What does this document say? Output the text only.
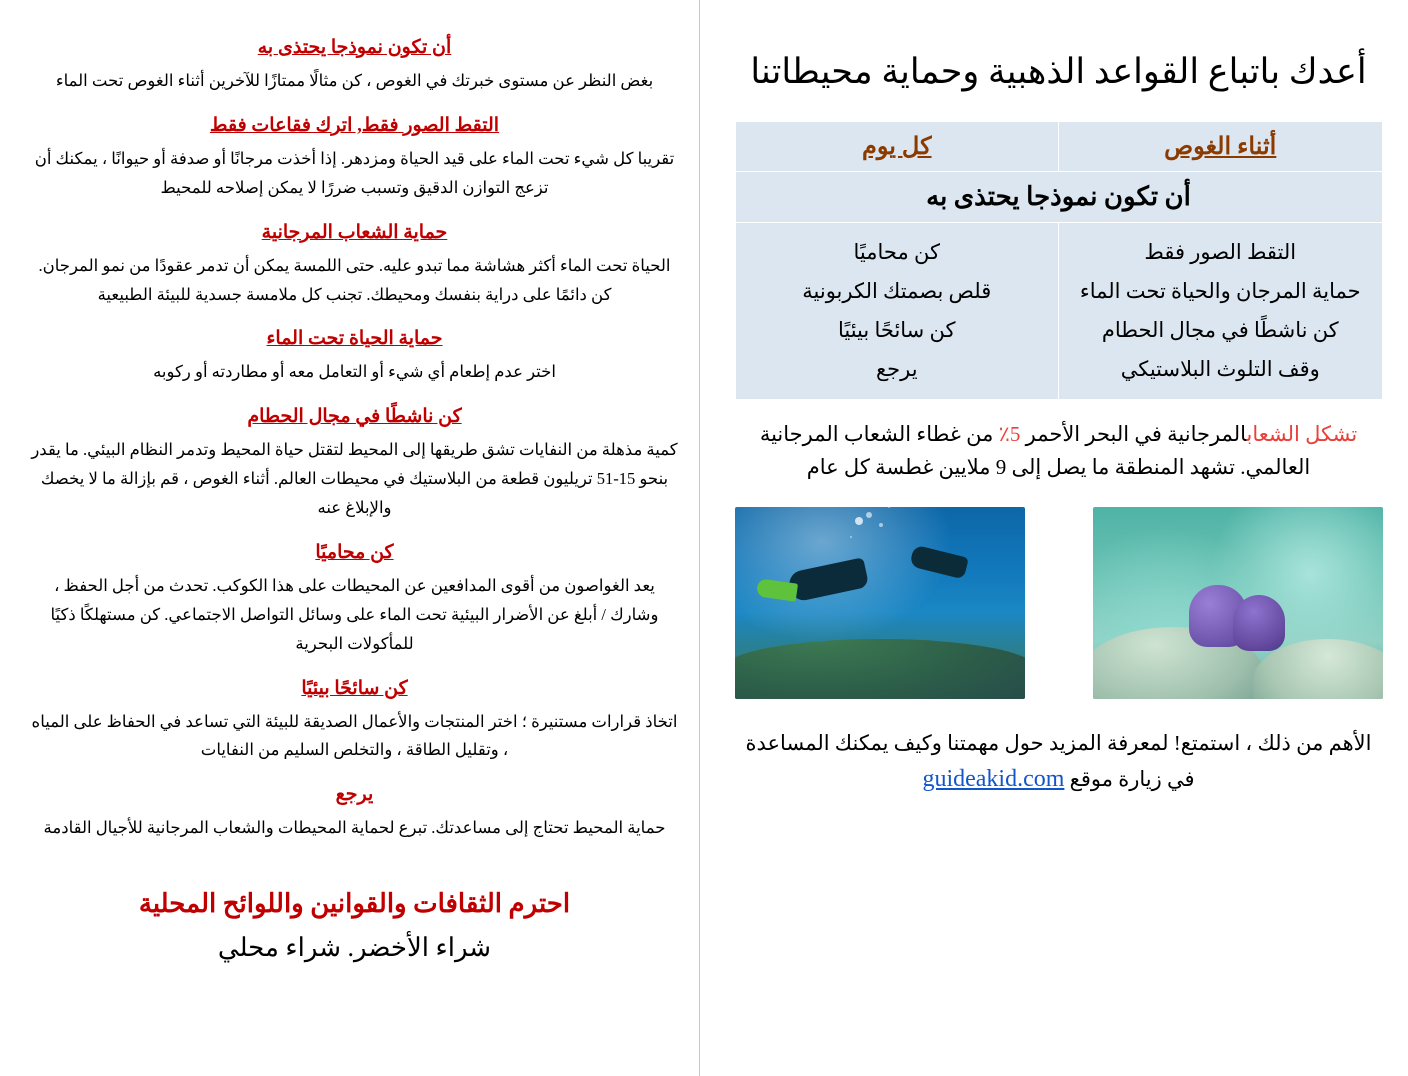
أن تكون نموذجا يحتذى به
بغض النظر عن مستوى خبرتك في الغوص ، كن مثالًا ممتازًا للآخرين أثناء الغوص تحت الماء
التقط الصور فقط, اترك فقاعات فقط
تقريبا كل شيء تحت الماء على قيد الحياة ومزدهر. إذا أخذت مرجانًا أو صدفة أو حيوانًا ، يمكنك أن تزعج التوازن الدقيق وتسبب ضررًا لا يمكن إصلاحه للمحيط
حماية الشعاب المرجانية
الحياة تحت الماء أكثر هشاشة مما تبدو عليه. حتى اللمسة يمكن أن تدمر عقودًا من نمو المرجان. كن دائمًا على دراية بنفسك ومحيطك. تجنب كل ملامسة جسدية للبيئة الطبيعية
حماية الحياة تحت الماء
اختر عدم إطعام أي شيء أو التعامل معه أو مطاردته أو ركوبه
كن ناشطًا في مجال الحطام
كمية مذهلة من النفايات تشق طريقها إلى المحيط لتقتل حياة المحيط وتدمر النظام البيئي. ما يقدر بنحو 15-51 تريليون قطعة من البلاستيك في محيطات العالم. أثناء الغوص ، قم بإزالة ما لا يخصك والإبلاغ عنه
كن محاميًا
يعد الغواصون من أقوى المدافعين عن المحيطات على هذا الكوكب. تحدث من أجل الحفظ ، وشارك / أبلغ عن الأضرار البيئية تحت الماء على وسائل التواصل الاجتماعي. كن مستهلكًا ذكيًا للمأكولات البحرية
كن سائحًا بيئيًا
اتخاذ قرارات مستنيرة ؛ اختر المنتجات والأعمال الصديقة للبيئة التي تساعد في الحفاظ على المياه ، وتقليل الطاقة ، والتخلص السليم من النفايات
يرجع
حماية المحيط تحتاج إلى مساعدتك. تبرع لحماية المحيطات والشعاب المرجانية للأجيال القادمة
احترم الثقافات والقوانين واللوائح المحلية
شراء الأخضر. شراء محلي
أعدك باتباع القواعد الذهبية وحماية محيطاتنا
أثناء الغوص	كل يوم
أن تكون نموذجا يحتذى به	

التقط الصور فقط
حماية المرجان والحياة تحت الماء
كن ناشطًا في مجال الحطام
وقف التلوث البلاستيكي

كن محاميًا
قلص بصمتك الكربونية
كن سائحًا بيئيًا
يرجع
تشكل الشعابالمرجانية في البحر الأحمر 5٪ من غطاء الشعاب المرجانية العالمي. تشهد المنطقة ما يصل إلى 9 ملايين غطسة كل عام
الأهم من ذلك ، استمتع! لمعرفة المزيد حول مهمتنا وكيف يمكنك المساعدة في زيارة موقع guideakid.com
